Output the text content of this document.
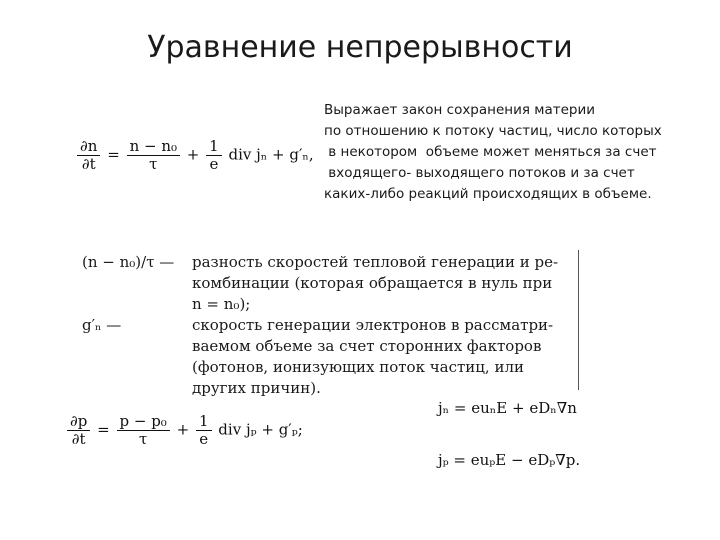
Уравнение непрерывности
Выражает закон сохранения материи
по отношению к потоку частиц, число которых
в некотором  объеме может меняться за счет
входящего- выходящего потоков и за счет
каких-либо реакций происходящих в объеме.
$\frac{\partial n}{\partial t} = \frac{\text{n − n₀}}{\tau} + \frac{1}{e}$ div jₙ + g′ₙ,
(n − n₀)/τ —	разность скоростей тепловой генерации и ре-
комбинации (которая обращается в нуль при
n = n₀);
g′ₙ —	скорость генерации электронов в рассматри-
ваемом объеме за счет сторонних факторов
(фотонов, ионизующих поток частиц, или
других причин).
$\frac{\partial p}{\partial t} = \frac{\text{p − p₀}}{\tau} + \frac{1}{e}$ div jₚ + g′ₚ;
jₙ = euₙE + eDₙ∇n
jₚ = euₚE − eDₚ∇p.
